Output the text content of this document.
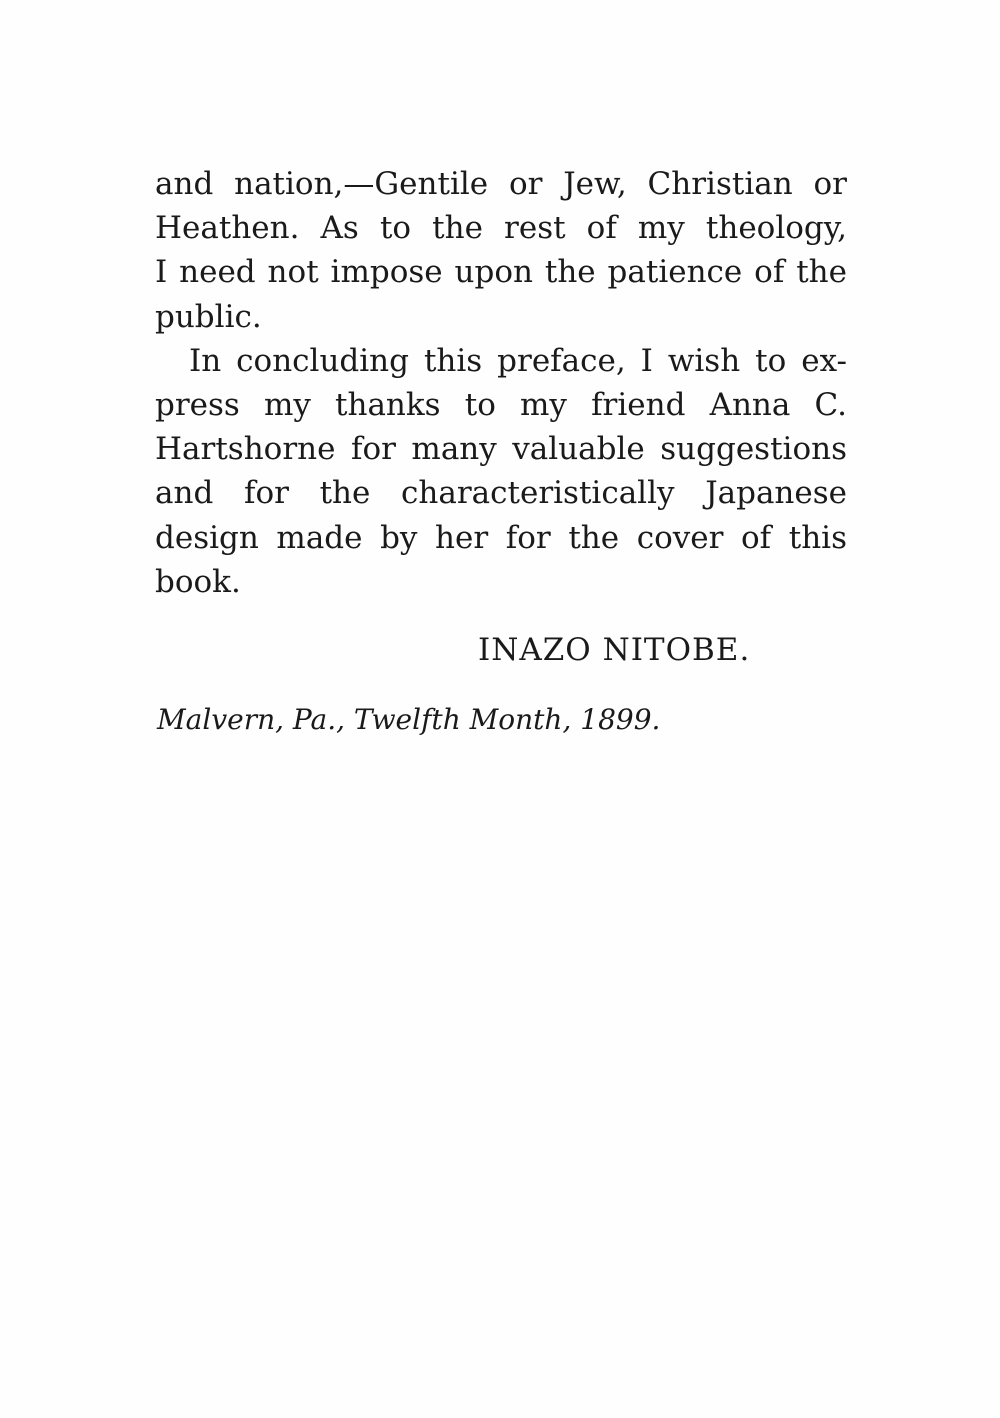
and nation,—Gentile or Jew, Christian or
Heathen. As to the rest of my theology,
I need not impose upon the patience of the
public.
In concluding this preface, I wish to ex-
press my thanks to my friend Anna C.
Hartshorne for many valuable suggestions
and for the characteristically Japanese
design made by her for the cover of this
book.
INAZO NITOBE.
Malvern, Pa., Twelfth Month, 1899.
